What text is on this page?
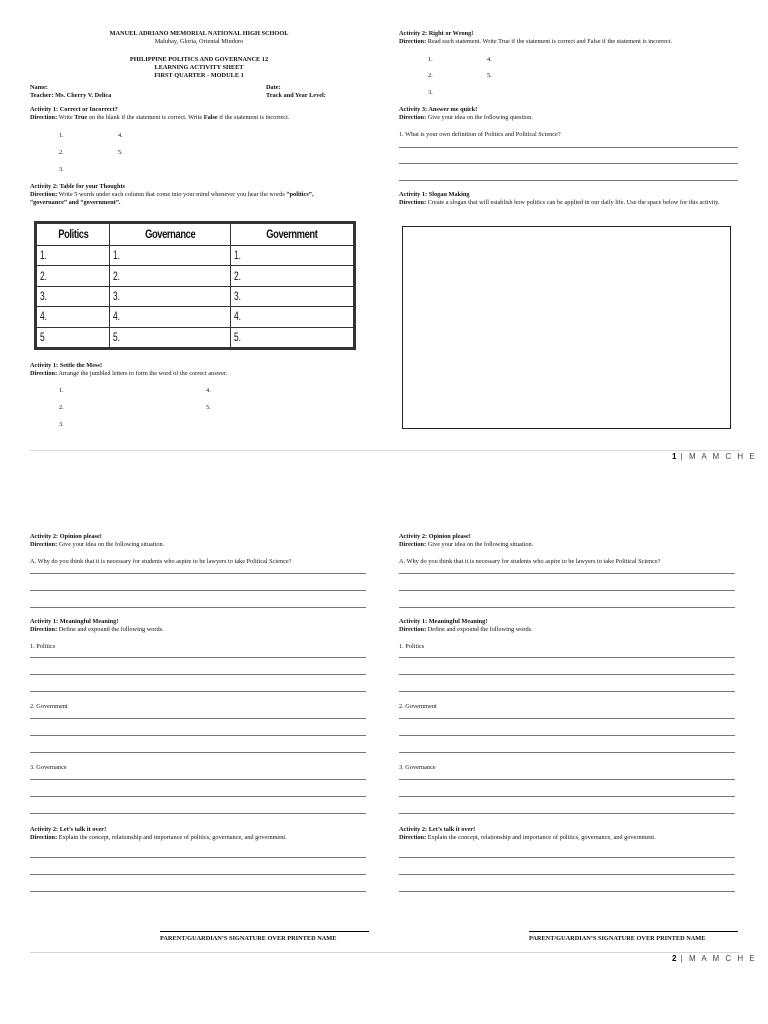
MANUEL ADRIANO MEMORIAL NATIONAL HIGH SCHOOL
Malubay, Gloria, Oriental Mindoro
PHILIPPINE POLITICS AND GOVERNANCE 12
LEARNING ACTIVITY SHEET
FIRST QUARTER - MODULE 1
Name:
Teacher: Ms. Cherry V. Delica
Date:
Track and Year Level:
Activity 1: Correct or Incorrect?
Direction: Write True on the blank if the statement is correct. Write False if the statement is incorrect.
1.	4.
2.	5.
3.
Activity 2: Table for your Thoughts
Direction: Write 5 words under each column that come into your mind whenever you hear the words “politics”,
“governance” and “government”.
Politics	Governance	Government
1.	1.	1.
2.	2.	2.
3.	3.	3.
4.	4.	4.
5	5.	5.
Activity 1: Settle the Mess!
Direction: Arrange the jumbled letters to form the word of the correct answer.
1.	4.
2.	5.
3.
Activity 2: Right or Wrong!
Direction: Read each statement. Write True if the statement is correct and False if the statement is incorrect.
1.	4.
2.	5.
3.
Activity 3: Answer me quick!
Direction: Give your idea on the following question.
1. What is your own definition of Politics and Political Science?
Activity 1: Slogan Making
Direction: Create a slogan that will establish how politics can be applied in our daily life. Use the space below for this activity.
1 | M A M C H E
Activity 2: Opinion please!
Direction: Give your idea on the following situation.
A. Why do you think that it is necessary for students who aspire to be lawyers to take Political Science?
Activity 1: Meaningful Meaning!
Direction: Define and expound the following words.
1. Politics
2. Government
3. Governance
Activity 2: Let’s talk it over!
Direction: Explain the concept, relationship and importance of politics, governance, and government.
PARENT/GUARDIAN’S SIGNATURE OVER PRINTED NAME
Activity 2: Opinion please!
Direction: Give your idea on the following situation.
A. Why do you think that it is necessary for students who aspire to be lawyers to take Political Science?
Activity 1: Meaningful Meaning!
Direction: Define and expound the following words.
1. Politics
2. Government
3. Governance
Activity 2: Let’s talk it over!
Direction: Explain the concept, relationship and importance of politics, governance, and government.
PARENT/GUARDIAN’S SIGNATURE OVER PRINTED NAME
2 | M A M C H E
